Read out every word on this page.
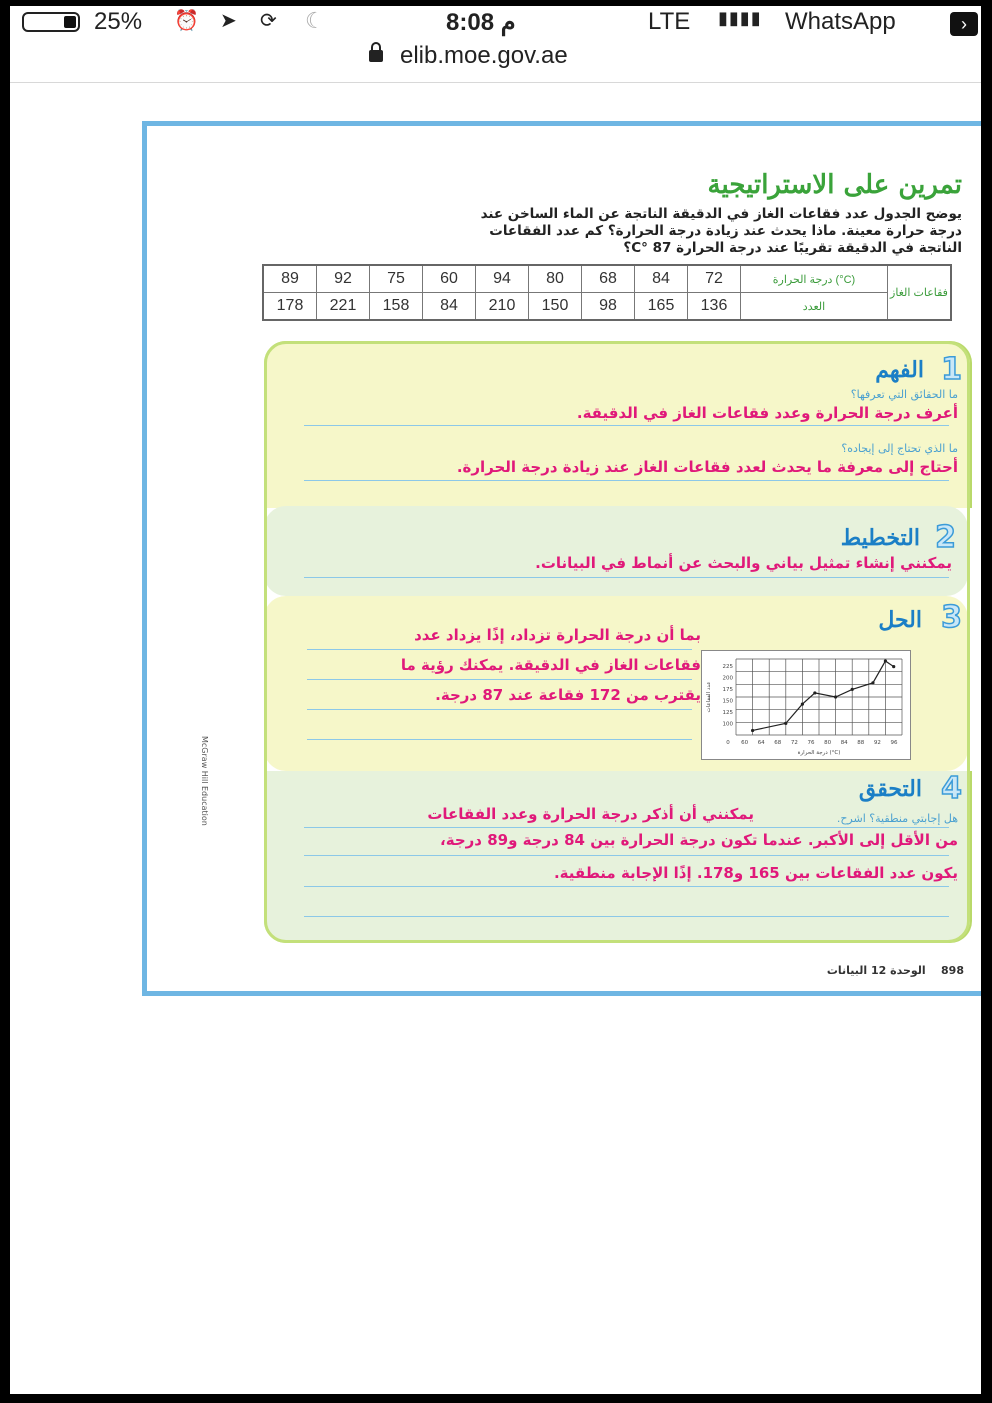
25% ⏰ ➤ ⟳ ☾	8:08 م	LTE ▮▮▮▮ WhatsApp	›
elib.moe.gov.ae
تمرين على الاستراتيجية
يوضح الجدول عدد فقاعات الغاز في الدقيقة الناتجة عن الماء الساخن عند
درجة حرارة معينة. ماذا يحدث عند زيادة درجة الحرارة؟ كم عدد الفقاعات
الناتجة في الدقيقة تقريبًا عند درجة الحرارة 87 °C؟
89	92	75	60	94	80	68	84	72	درجة الحرارة (°C)	فقاعات الغاز
178	221	158	84	210	150	98	165	136	العدد	
1
الفهم
ما الحقائق التي تعرفها؟
أعرف درجة الحرارة وعدد فقاعات الغاز في الدقيقة.
ما الذي تحتاج إلى إيجاده؟
أحتاج إلى معرفة ما يحدث لعدد فقاعات الغاز عند زيادة درجة الحرارة.
2
التخطيط
يمكنني إنشاء تمثيل بياني والبحث عن أنماط في البيانات.
3
الحل
بما أن درجة الحرارة تزداد، إذًا يزداد عدد
فقاعات الغاز في الدقيقة. يمكنك رؤية ما
يقترب من 172 فقاعة عند 87 درجة.
225
200
175
150
125
100
0 60 64 68 72 76 80 84 88 92 96
درجة الحرارة (°C)
عدد الفقاعات
4
التحقق
هل إجابتي منطقية؟ اشرح.
يمكنني أن أذكر درجة الحرارة وعدد الفقاعات
من الأقل إلى الأكبر. عندما تكون درجة الحرارة بين 84 درجة و89 درجة،
يكون عدد الفقاعات بين 165 و178. إذًا الإجابة منطقية.
McGraw Hill Education
898    الوحدة 12 البيانات
